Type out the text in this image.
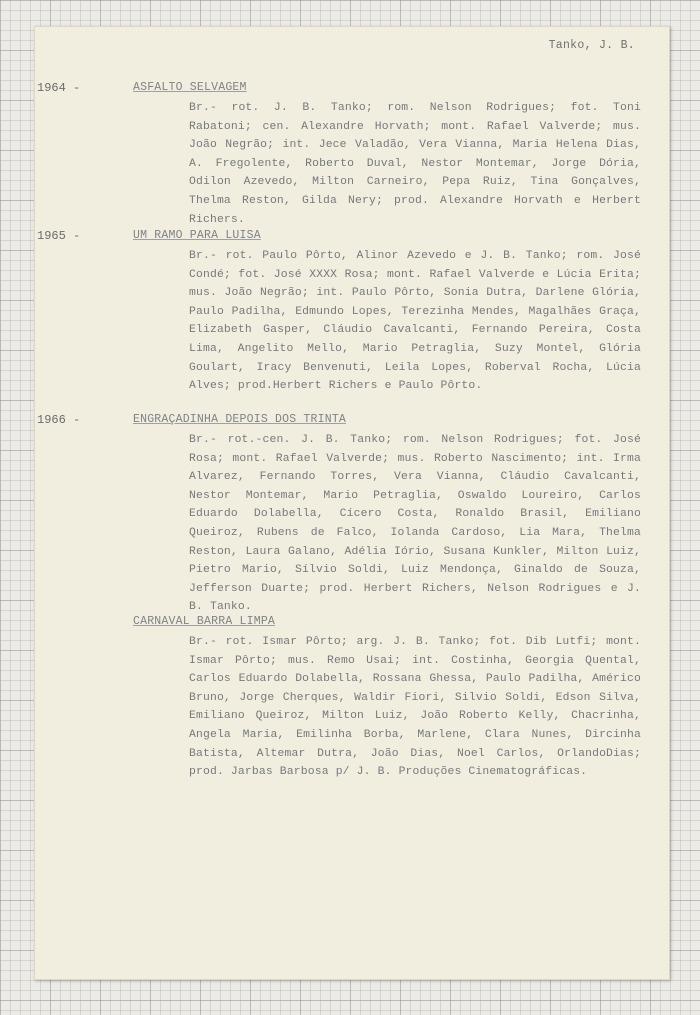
Tanko, J. B.
1964 -	ASFALTO SELVAGEM
Br.- rot. J. B. Tanko; rom. Nelson Rodrigues; fot. Toni Rabatoni; cen. Alexandre Horvath; mont. Rafael Valverde; mus. João Negrão; int. Jece Valadão, Vera Vianna, Maria Helena Dias, A. Fregolente, Roberto Duval, Nestor Montemar, Jorge Dória, Odilon Azevedo, Milton Carneiro, Pepa Ruiz, Tina Gonçalves, Thelma Reston, Gilda Nery; prod. Alexandre Horvath e Herbert Richers.
1965 -	UM RAMO PARA LUISA
Br.- rot. Paulo Pôrto, Alinor Azevedo e J. B. Tanko; rom. José Condé; fot. José XXXX Rosa; mont. Rafael Valverde e Lúcia Erita; mus. João Negrão; int. Paulo Pôrto, Sonia Dutra, Darlene Glória, Paulo Padilha, Edmundo Lopes, Terezinha Mendes, Magalhães Graça, Elizabeth Gasper, Cláudio Cavalcanti, Fernando Pereira, Costa Lima, Angelito Mello, Mario Petraglia, Suzy Montel, Glória Goulart, Iracy Benvenuti, Leila Lopes, Roberval Rocha, Lúcia Alves; prod.Herbert Richers e Paulo Pôrto.
1966 -	ENGRAÇADINHA DEPOIS DOS TRINTA
Br.- rot.-cen. J. B. Tanko; rom. Nelson Rodrigues; fot. José Rosa; mont. Rafael Valverde; mus. Roberto Nascimento; int. Irma Alvarez, Fernando Torres, Vera Vianna, Cláudio Cavalcanti, Nestor Montemar, Mario Petraglia, Oswaldo Loureiro, Carlos Eduardo Dolabella, Cícero Costa, Ronaldo Brasil, Emiliano Queiroz, Rubens de Falco, Iolanda Cardoso, Lia Mara, Thelma Reston, Laura Galano, Adélia Iório, Susana Kunkler, Milton Luiz, Pietro Mario, Sílvio Soldi, Luiz Mendonça, Ginaldo de Souza, Jefferson Duarte; prod. Herbert Richers, Nelson Rodrigues e J. B. Tanko.
CARNAVAL BARRA LIMPA
Br.- rot. Ismar Pôrto; arg. J. B. Tanko; fot. Dib Lutfi; mont. Ismar Pôrto; mus. Remo Usai; int. Costinha, Georgia Quental, Carlos Eduardo Dolabella, Rossana Ghessa, Paulo Padilha, Américo Bruno, Jorge Cherques, Waldir Fiori, Silvio Soldi, Edson Silva, Emiliano Queiroz, Milton Luiz, João Roberto Kelly, Chacrinha, Angela Maria, Emilinha Borba, Marlene, Clara Nunes, Dircinha Batista, Altemar Dutra, João Dias, Noel Carlos, OrlandoDias; prod. Jarbas Barbosa p/ J. B. Produções Cinematográficas.
